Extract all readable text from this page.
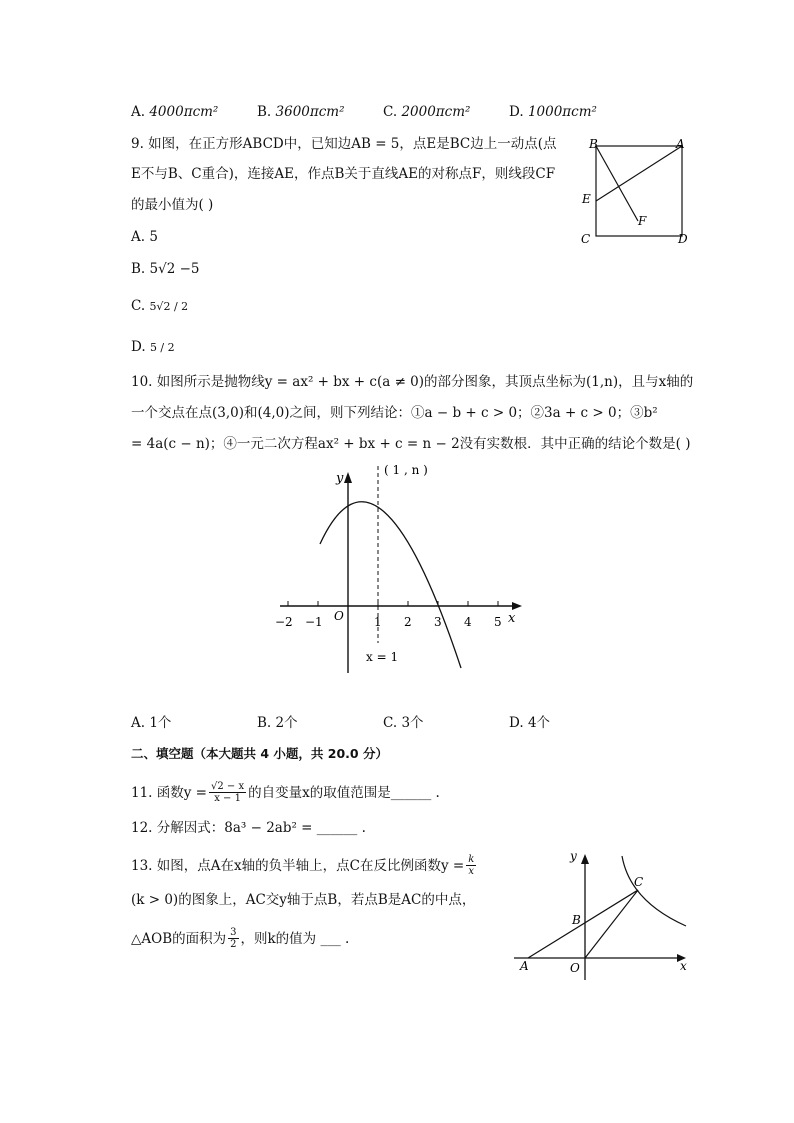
A. 4000πcm²	B. 3600πcm²	C. 2000πcm²	D. 1000πcm²
9. 如图，在正方形ABCD中，已知边AB = 5，点E是BC边上一动点(点
E不与B、C重合)，连接AE，作点B关于直线AE的对称点F，则线段CF
的最小值为( )
A. 5
B. 5√2 −5
C. 5√2 / 2
D. 5 / 2
B	A
E
F
C	D
10. 如图所示是抛物线y = ax² + bx + c(a ≠ 0)的部分图象，其顶点坐标为(1,n)，且与x轴的
一个交点在点(3,0)和(4,0)之间，则下列结论：①a − b + c > 0；②3a + c > 0；③b²
= 4a(c − n)；④一元二次方程ax² + bx + c = n − 2没有实数根．其中正确的结论个数是( )
y
x
O
( 1 , n )
x = 1
−2 −1	1 2 3 4 5
A. 1个	B. 2个	C. 3个	D. 4个
二、填空题（本大题共 4 小题，共 20.0 分）
11. 函数$y = \frac{√2 - x}{x - 1}$ 的自变量x的取值范围是______ .
12. 分解因式：8a³ − 2ab² = ______ .
13. 如图，点A在x轴的负半轴上，点C在反比例函数$y = \frac{k}{x}$
(k > 0)的图象上，AC交y轴于点B，若点B是AC的中点，
△AOB的面积为 $\frac{3}{2}$ ，则k的值为 ___ .
y
x
A
B
C
O
